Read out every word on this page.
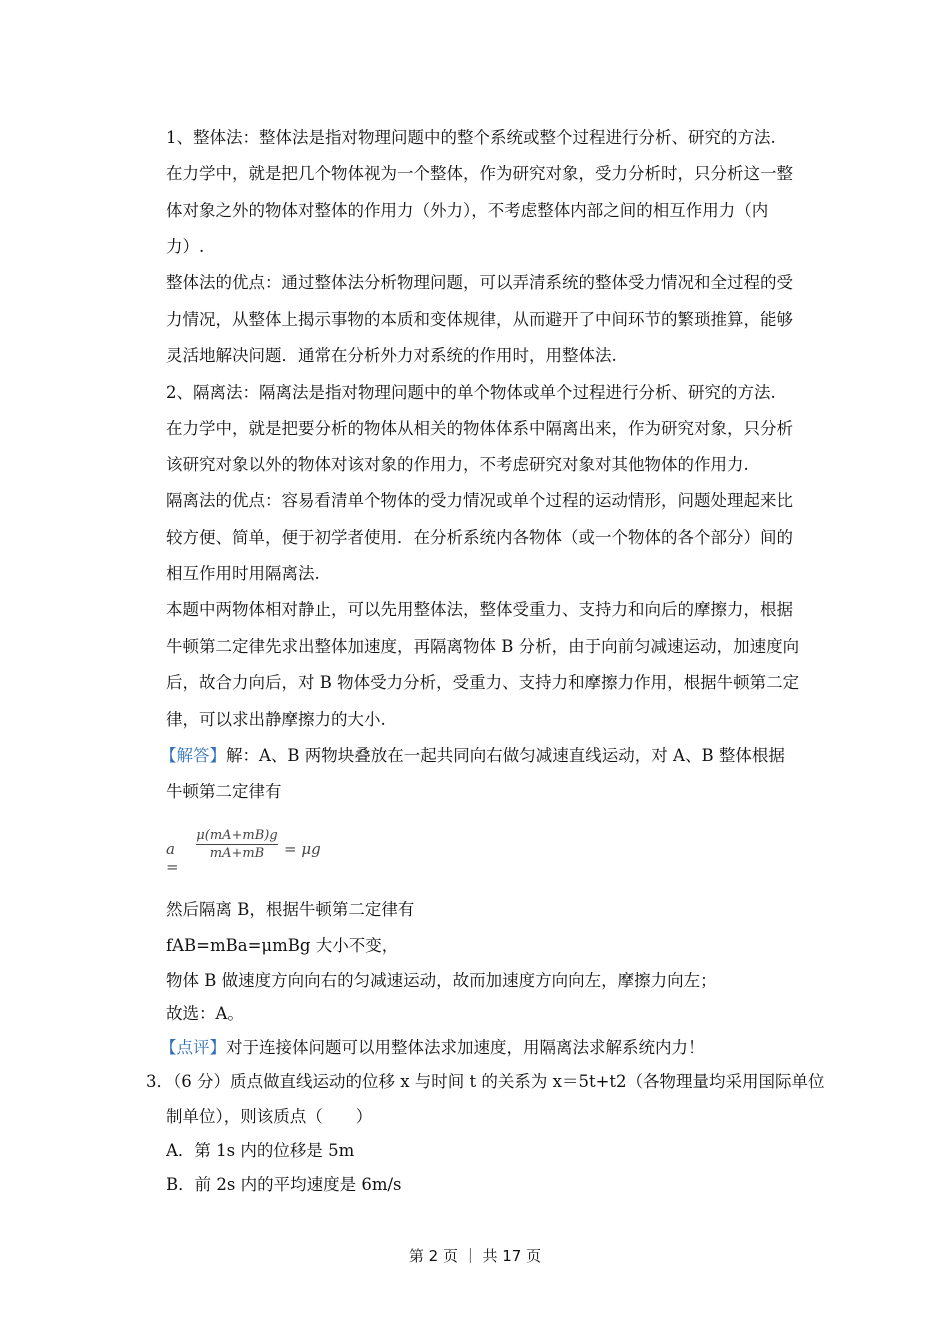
1、整体法：整体法是指对物理问题中的整个系统或整个过程进行分析、研究的方法.
在力学中，就是把几个物体视为一个整体，作为研究对象，受力分析时，只分析这一整
体对象之外的物体对整体的作用力（外力），不考虑整体内部之间的相互作用力（内
力）.
整体法的优点：通过整体法分析物理问题，可以弄清系统的整体受力情况和全过程的受
力情况，从整体上揭示事物的本质和变体规律，从而避开了中间环节的繁琐推算，能够
灵活地解决问题．通常在分析外力对系统的作用时，用整体法.
2、隔离法：隔离法是指对物理问题中的单个物体或单个过程进行分析、研究的方法.
在力学中，就是把要分析的物体从相关的物体体系中隔离出来，作为研究对象，只分析
该研究对象以外的物体对该对象的作用力，不考虑研究对象对其他物体的作用力.
隔离法的优点：容易看清单个物体的受力情况或单个过程的运动情形，问题处理起来比
较方便、简单，便于初学者使用．在分析系统内各物体（或一个物体的各个部分）间的
相互作用时用隔离法.
本题中两物体相对静止，可以先用整体法，整体受重力、支持力和向后的摩擦力，根据
牛顿第二定律先求出整体加速度，再隔离物体 B 分析，由于向前匀减速运动，加速度向
后，故合力向后，对 B 物体受力分析，受重力、支持力和摩擦力作用，根据牛顿第二定
律，可以求出静摩擦力的大小.
【解答】解：A、B 两物块叠放在一起共同向右做匀减速直线运动，对 A、B 整体根据
牛顿第二定律有
a =
$\frac{\mu(mA+mB)g}{mA+mB} = \mu g$
然后隔离 B，根据牛顿第二定律有
fAB=mBa=μmBg 大小不变，
物体 B 做速度方向向右的匀减速运动，故而加速度方向向左，摩擦力向左；
故选：A。
【点评】对于连接体问题可以用整体法求加速度，用隔离法求解系统内力！
3．（6 分）质点做直线运动的位移 x 与时间 t 的关系为 x＝5t+t2（各物理量均采用国际单位
制单位），则该质点（　　）
A．第 1s 内的位移是 5m
B．前 2s 内的平均速度是 6m/s
第 2 页 ｜ 共 17 页
